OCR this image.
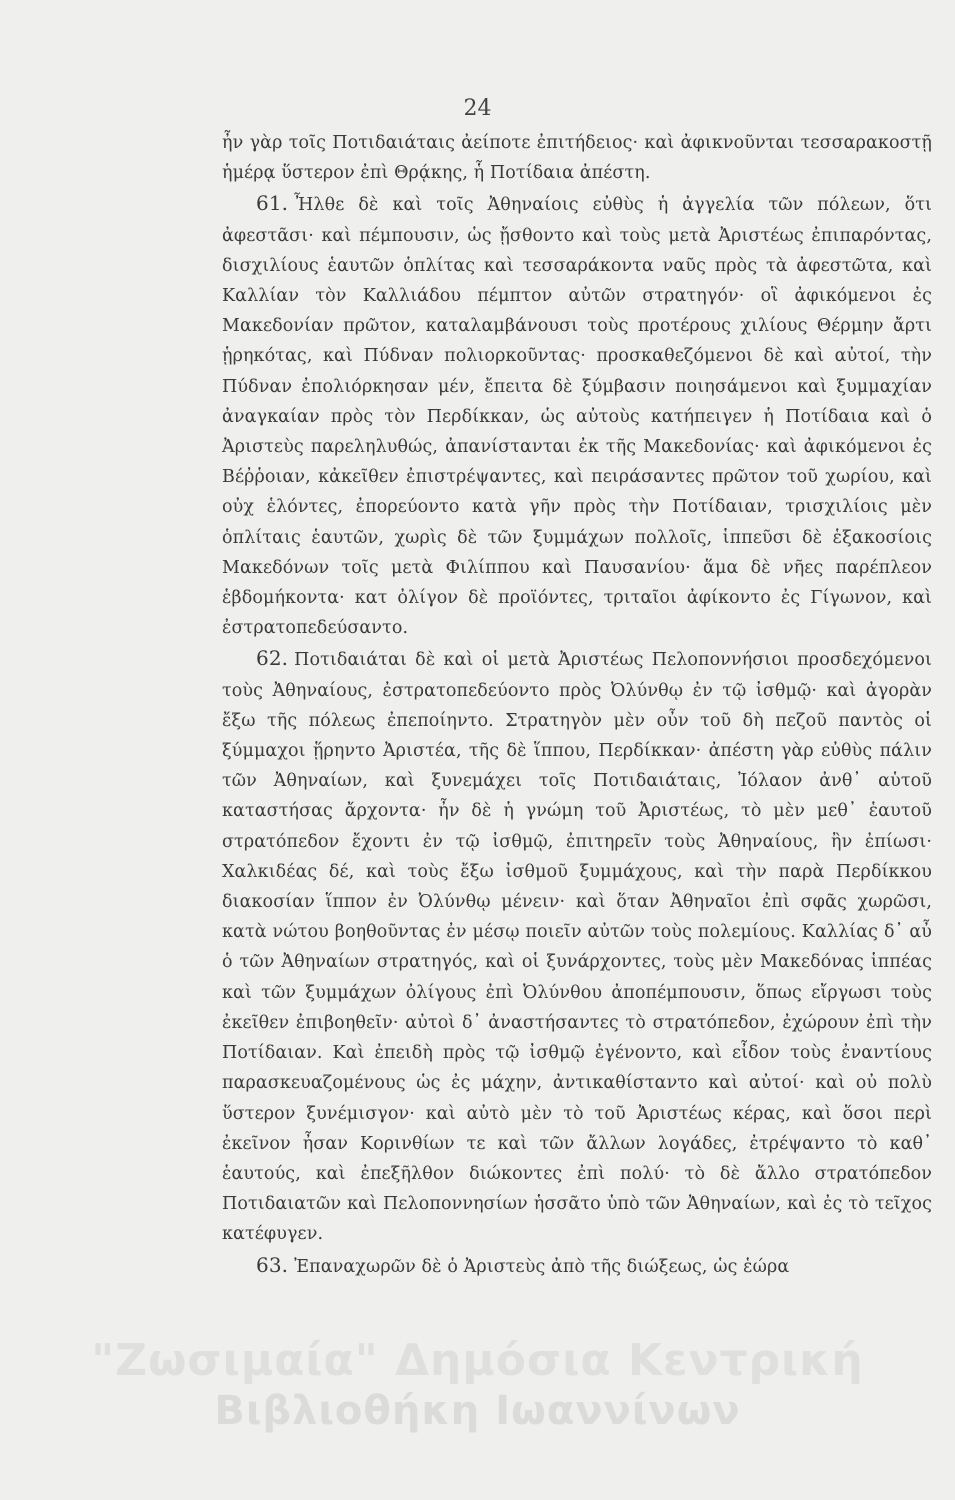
24

ἦν γὰρ τοῖς Ποτιδαιάταις ἀείποτε ἐπιτήδειος· καὶ ἀφικνοῦνται τεσσαρακοστῇ ἡμέρᾳ ὕστερον ἐπὶ Θρᾴκης, ἧ Ποτίδαια ἀπέστη.

61. Ἦλθε δὲ καὶ τοῖς Ἀθηναίοις εὐθὺς ἡ ἀγγελία τῶν πόλεων, ὅτι ἀφεστᾶσι· καὶ πέμπουσιν, ὡς ᾔσθοντο καὶ τοὺς μετὰ Ἀριστέως ἐπιπαρόντας, δισχιλίους ἑαυτῶν ὁπλίτας καὶ τεσσαράκοντα ναῦς πρὸς τὰ ἀφεστῶτα, καὶ Καλλίαν τὸν Καλλιάδου πέμπτον αὐτῶν στρατηγόν· οἳ ἀφικόμενοι ἐς Μακεδονίαν πρῶτον, καταλαμβάνουσι τοὺς προτέρους χιλίους Θέρμην ἄρτι ᾑρηκότας, καὶ Πύδναν πολιορκοῦντας· προσκαθεζόμενοι δὲ καὶ αὐτοί, τὴν Πύδναν ἐπολιόρκησαν μέν, ἔπειτα δὲ ξύμβασιν ποιησάμενοι καὶ ξυμμαχίαν ἀναγκαίαν πρὸς τὸν Περδίκκαν, ὡς αὐτοὺς κατήπειγεν ἡ Ποτίδαια καὶ ὁ Ἀριστεὺς παρεληλυθώς, ἀπανίστανται ἐκ τῆς Μακεδονίας· καὶ ἀφικόμενοι ἐς Βέῤῥοιαν, κἀκεῖθεν ἐπιστρέψαντες, καὶ πειράσαντες πρῶτον τοῦ χωρίου, καὶ οὐχ ἑλόντες, ἐπορεύοντο κατὰ γῆν πρὸς τὴν Ποτίδαιαν, τρισχιλίοις μὲν ὁπλίταις ἑαυτῶν, χωρὶς δὲ τῶν ξυμμάχων πολλοῖς, ἱππεῦσι δὲ ἑξακοσίοις Μακεδόνων τοῖς μετὰ Φιλίππου καὶ Παυσανίου· ἅμα δὲ νῆες παρέπλεον ἑβδομήκοντα· κατ ὀλίγον δὲ προϊόντες, τριταῖοι ἀφίκοντο ἐς Γίγωνον, καὶ ἐστρατοπεδεύσαντο.

62. Ποτιδαιάται δὲ καὶ οἱ μετὰ Ἀριστέως Πελοποννήσιοι προσδεχόμενοι τοὺς Ἀθηναίους, ἐστρατοπεδεύοντο πρὸς Ὀλύνθῳ ἐν τῷ ἰσθμῷ· καὶ ἀγορὰν ἔξω τῆς πόλεως ἐπεποίηντο. Στρατηγὸν μὲν οὖν τοῦ δὴ πεζοῦ παντὸς οἱ ξύμμαχοι ᾕρηντο Ἀριστέα, τῆς δὲ ἵππου, Περδίκκαν· ἀπέστη γὰρ εὐθὺς πάλιν τῶν Ἀθηναίων, καὶ ξυνεμάχει τοῖς Ποτιδαιάταις, Ἰόλαον ἀνθ᾽ αὑτοῦ καταστήσας ἄρχοντα· ἦν δὲ ἡ γνώμη τοῦ Ἀριστέως, τὸ μὲν μεθ᾽ ἑαυτοῦ στρατόπεδον ἔχοντι ἐν τῷ ἰσθμῷ, ἐπιτηρεῖν τοὺς Ἀθηναίους, ἢν ἐπίωσι· Χαλκιδέας δέ, καὶ τοὺς ἔξω ἰσθμοῦ ξυμμάχους, καὶ τὴν παρὰ Περδίκκου διακοσίαν ἵππον ἐν Ὀλύνθῳ μένειν· καὶ ὅταν Ἀθηναῖοι ἐπὶ σφᾶς χωρῶσι, κατὰ νώτου βοηθοῦντας ἐν μέσῳ ποιεῖν αὐτῶν τοὺς πολεμίους. Καλλίας δ᾽ αὖ ὁ τῶν Ἀθηναίων στρατηγός, καὶ οἱ ξυνάρχοντες, τοὺς μὲν Μακεδόνας ἱππέας καὶ τῶν ξυμμάχων ὀλίγους ἐπὶ Ὀλύνθου ἀποπέμπουσιν, ὅπως εἴργωσι τοὺς ἐκεῖθεν ἐπιβοηθεῖν· αὐτοὶ δ᾽ ἀναστήσαντες τὸ στρατόπεδον, ἐχώρουν ἐπὶ τὴν Ποτίδαιαν. Καὶ ἐπειδὴ πρὸς τῷ ἰσθμῷ ἐγένοντο, καὶ εἶδον τοὺς ἐναντίους παρασκευαζομένους ὡς ἐς μάχην, ἀντικαθίσταντο καὶ αὐτοί· καὶ οὐ πολὺ ὕστερον ξυνέμισγον· καὶ αὐτὸ μὲν τὸ τοῦ Ἀριστέως κέρας, καὶ ὅσοι περὶ ἐκεῖνον ἦσαν Κορινθίων τε καὶ τῶν ἄλλων λογάδες, ἐτρέψαντο τὸ καθ᾽ ἑαυτούς, καὶ ἐπεξῆλθον διώκοντες ἐπὶ πολύ· τὸ δὲ ἄλλο στρατόπεδον Ποτιδαιατῶν καὶ Πελοποννησίων ἡσσᾶτο ὑπὸ τῶν Ἀθηναίων, καὶ ἐς τὸ τεῖχος κατέφυγεν.

63. Ἐπαναχωρῶν δὲ ὁ Ἀριστεὺς ἀπὸ τῆς διώξεως, ὡς ἑώρα

"Ζωσιμαία" Δημόσια Κεντρική
Βιβλιοθήκη Ιωαννίνων
